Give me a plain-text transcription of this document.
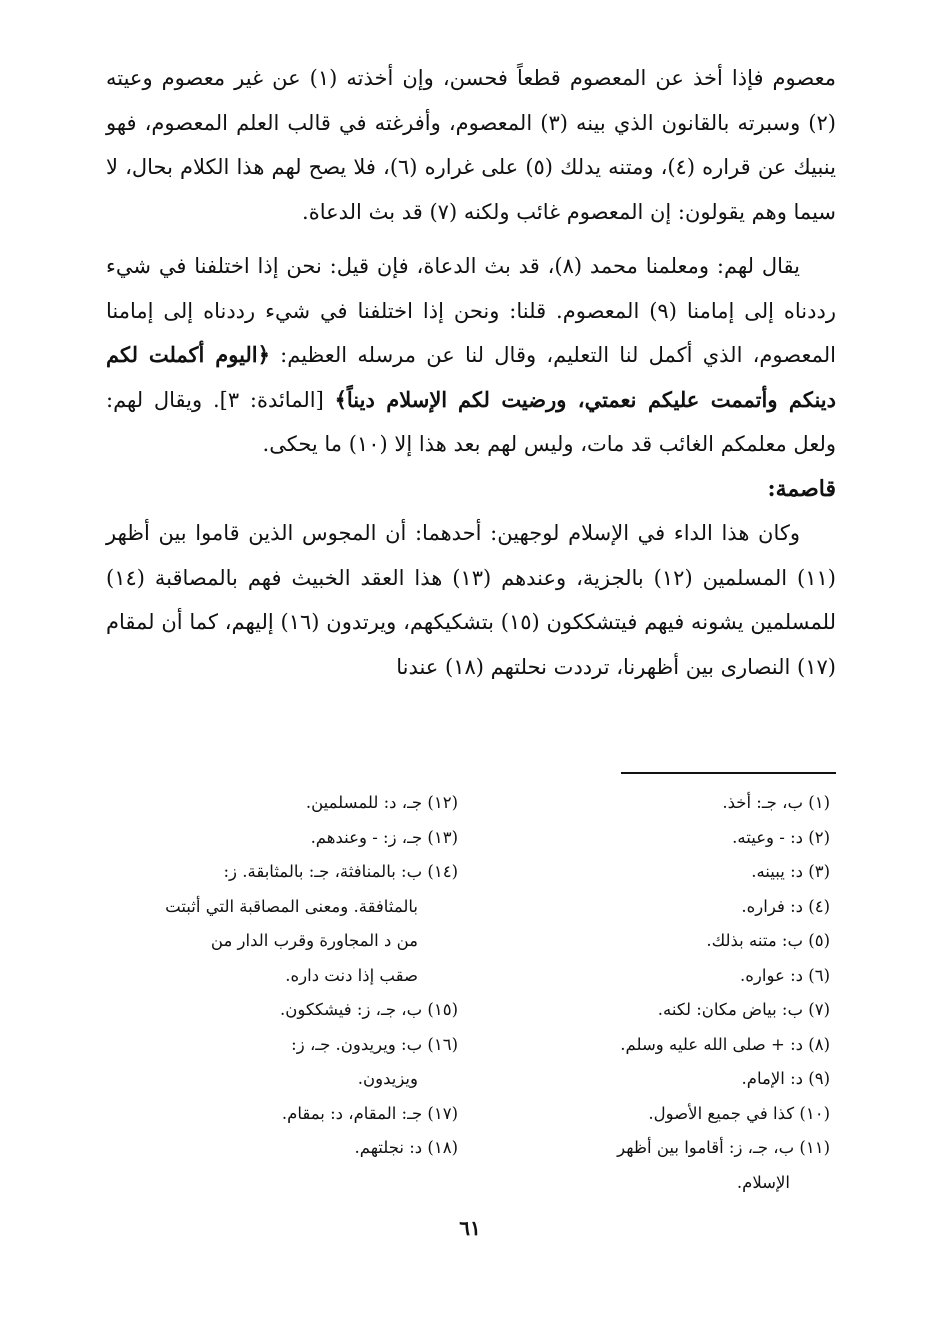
معصوم فإذا أخذ عن المعصوم قطعاً فحسن، وإن أخذته (١) عن غير معصوم وعيته (٢) وسبرته بالقانون الذي بينه (٣) المعصوم، وأفرغته في قالب العلم المعصوم، فهو ينبيك عن قراره (٤)، ومتنه يدلك (٥) على غراره (٦)، فلا يصح لهم هذا الكلام بحال، لا سيما وهم يقولون: إن المعصوم غائب ولكنه (٧) قد بث الدعاة.

يقال لهم: ومعلمنا محمد (٨)، قد بث الدعاة، فإن قيل: نحن إذا اختلفنا في شيء رددناه إلى إمامنا (٩) المعصوم. قلنا: ونحن إذا اختلفنا في شيء رددناه إلى إمامنا المعصوم، الذي أكمل لنا التعليم، وقال لنا عن مرسله العظيم: ﴿اليوم أكملت لكم دينكم وأتممت عليكم نعمتي، ورضيت لكم الإسلام ديناً﴾ [المائدة: ٣]. ويقال لهم: ولعل معلمكم الغائب قد مات، وليس لهم بعد هذا إلا (١٠) ما يحكى.

قاصمة:

وكان هذا الداء في الإسلام لوجهين: أحدهما: أن المجوس الذين قاموا بين أظهر (١١) المسلمين (١٢) بالجزية، وعندهم (١٣) هذا العقد الخبيث فهم بالمصاقبة (١٤) للمسلمين يشونه فيهم فيتشككون (١٥) بتشكيكهم، ويرتدون (١٦) إليهم، كما أن لمقام (١٧) النصارى بين أظهرنا، ترددت نحلتهم (١٨) عندنا

(١) ب، جـ: أخذ.

(٢) د: - وعيته.

(٣) د: يبينه.

(٤) د: فراره.

(٥) ب: متنه بذلك.

(٦) د: عواره.

(٧) ب: بياض مكان: لكنه.

(٨) د: + صلى الله عليه وسلم.

(٩) د: الإمام.

(١٠) كذا في جميع الأصول.

(١١) ب، جـ، ز: أقاموا بين أظهر

الإسلام.

(١٢) جـ، د: للمسلمين.

(١٣) جـ، ز: - وعندهم.

(١٤) ب: بالمنافثة، جـ: بالمثابقة. ز:

بالمثافقة. ومعنى المصاقبة التي أثبتت

من د المجاورة وقرب الدار من

صقب إذا دنت داره.

(١٥) ب، جـ، ز: فيشككون.

(١٦) ب: ويريدون. جـ، ز:

ويزيدون.

(١٧) جـ: المقام، د: بمقام.

(١٨) د: نجلتهم.

٦١
